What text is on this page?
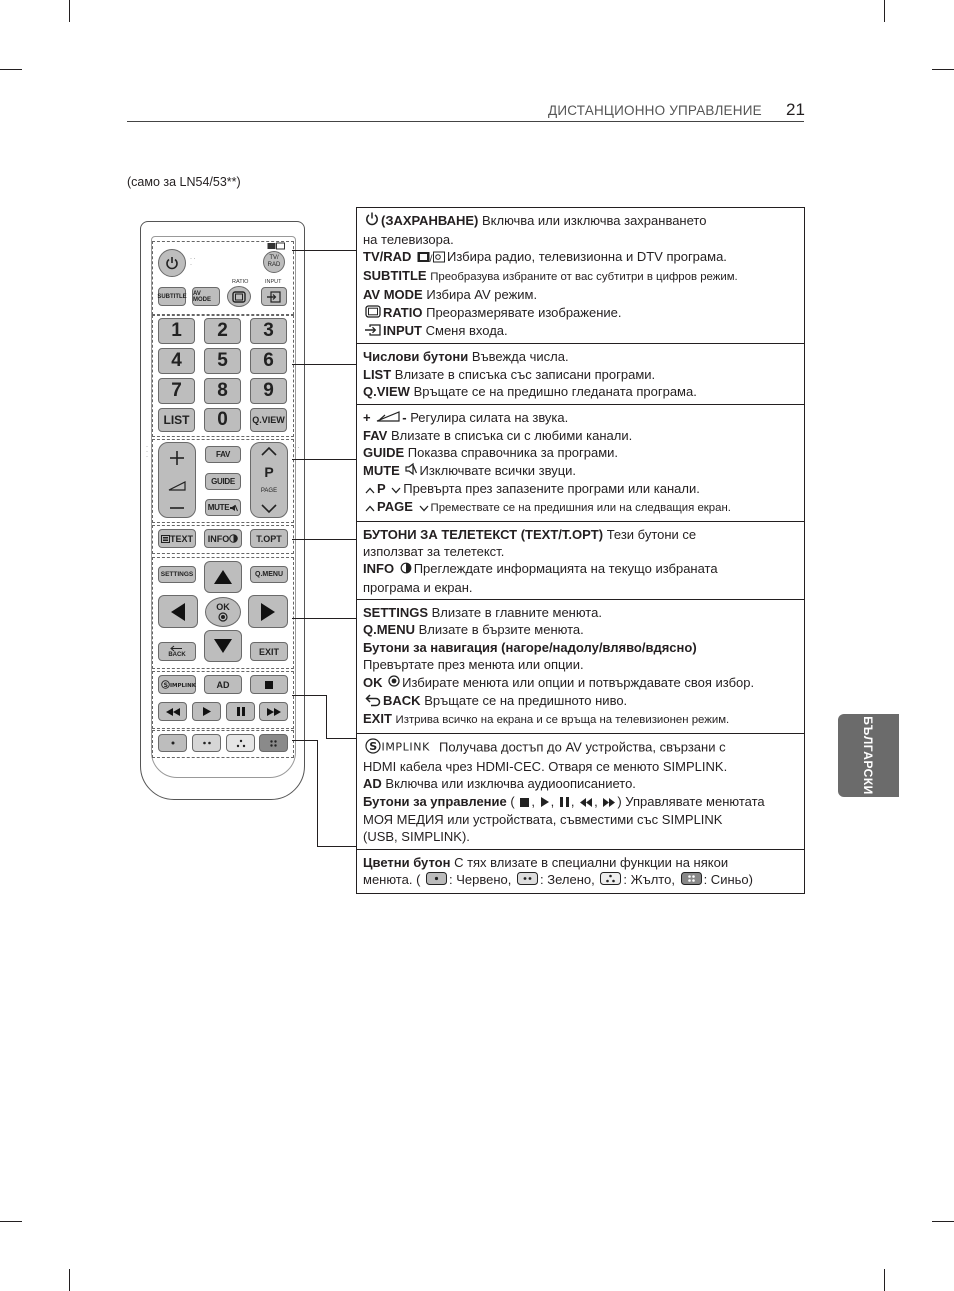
ДИСТАНЦИОННО УПРАВЛЕНИЕ 21
(само за LN54/53**)
БЪЛГАРСКИ
· ·
·
TV/
RAD
RATIO	INPUT
SUBTITLE AV MODE
1	2	3
4	5	6
7	8	9
LIST	0	Q.VIEW
·
·
·
· ·
FAV
GUIDE
MUTE
P
PAGE
TEXT INFO	T.OPT
SETTINGS	Q.MENU
OK
BACK	EXIT
S IMPLINK	AD
(ЗАХРАНВАНЕ) Включва или изключва захранването
на телевизора.
TV/RAD / Избира радио, телевизионна и DTV програма.
SUBTITLE Преобразува избраните от вас субтитри в цифров режим.
AV MODE Избира AV режим.
RATIO Преоразмерявате изображение.
INPUT Сменя входа.
Числови бутони Въвежда числа.
LIST Влизате в списъка със записани програми.
Q.VIEW Връщате се на предишно гледаната програма.
+ - Регулира силата на звука.
FAV Влизате в списъка си с любими канали.
GUIDE Показва справочника за програми.
MUTE Изключвате всички звуци.
P Превърта през запазените програми или канали.
PAGE Премествате се на предишния или на следващия екран.
БУТОНИ ЗА ТЕЛЕТЕКСТ (TEXT/T.OPT) Тези бутони се
използват за телетекст.
INFO Преглеждате информацията на текущо избраната
програма и екран.
SETTINGS Влизате в главните менюта.
Q.MENU Влизате в бързите менюта.
Бутони за навигация (нагоре/надолу/вляво/вдясно)
Превъртате през менюта или опции.
OK Избирате менюта или опции и потвърждавате своя избор.
BACK Връщате се на предишното ниво.
EXIT Изтрива всичко на екрана и се връща на телевизионен режим.
S IMPLINK Получава достъп до AV устройства, свързани с
HDMI кабела чрез HDMI-CEC. Отваря се менюто SIMPLINK.
AD Включва или изключва аудиоописанието.
Бутони за управление ( , , , , ) Управлявате менютата
МОЯ МЕДИЯ или устройствата, съвместими със SIMPLINK
(USB, SIMPLINK).
Цветни бутон С тях влизате в специални функции на някои
менюта. ( : Червено, : Зелено, : Жълто, : Синьо)
